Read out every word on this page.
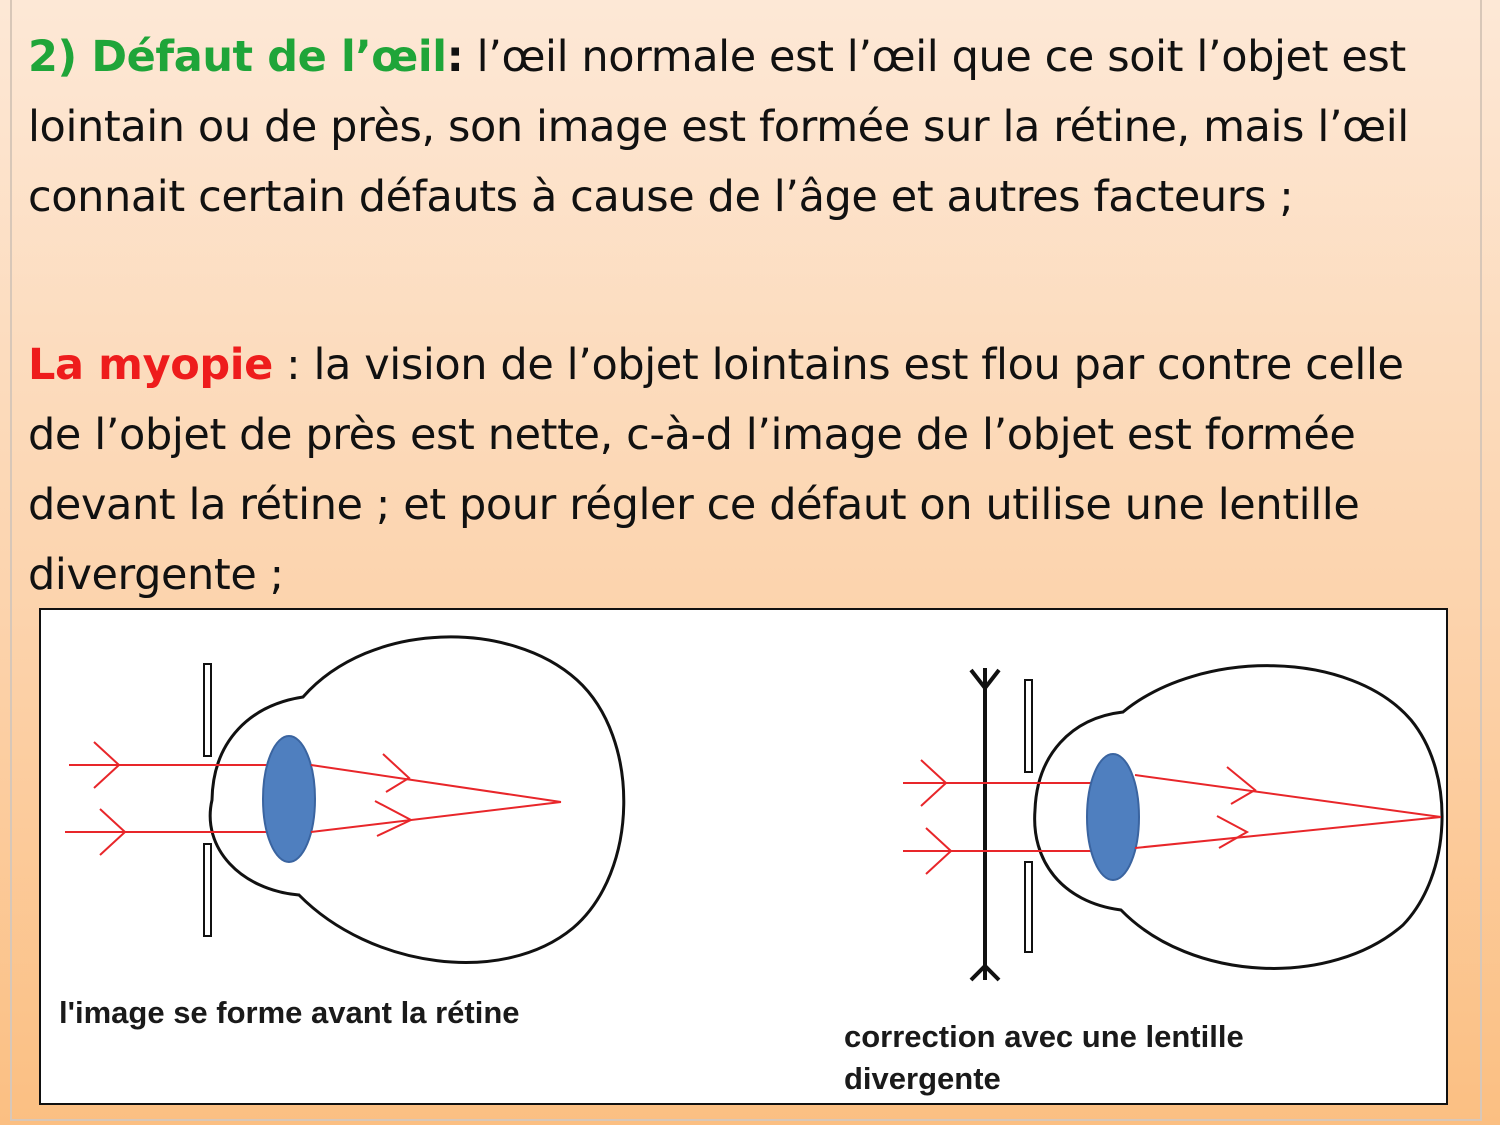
2) Défaut de l’œil: l’œil normale est l’œil que ce soit l’objet est lointain ou de près, son image est formée sur la rétine, mais l’œil connait certain défauts à cause de l’âge et autres facteurs ;

La myopie : la vision de l’objet lointains est flou par contre celle de l’objet de près est nette, c-à-d l’image de l’objet est formée devant la rétine ; et pour régler ce défaut on utilise une lentille divergente ;

l'image se forme avant la rétine
correction avec une lentille divergente
